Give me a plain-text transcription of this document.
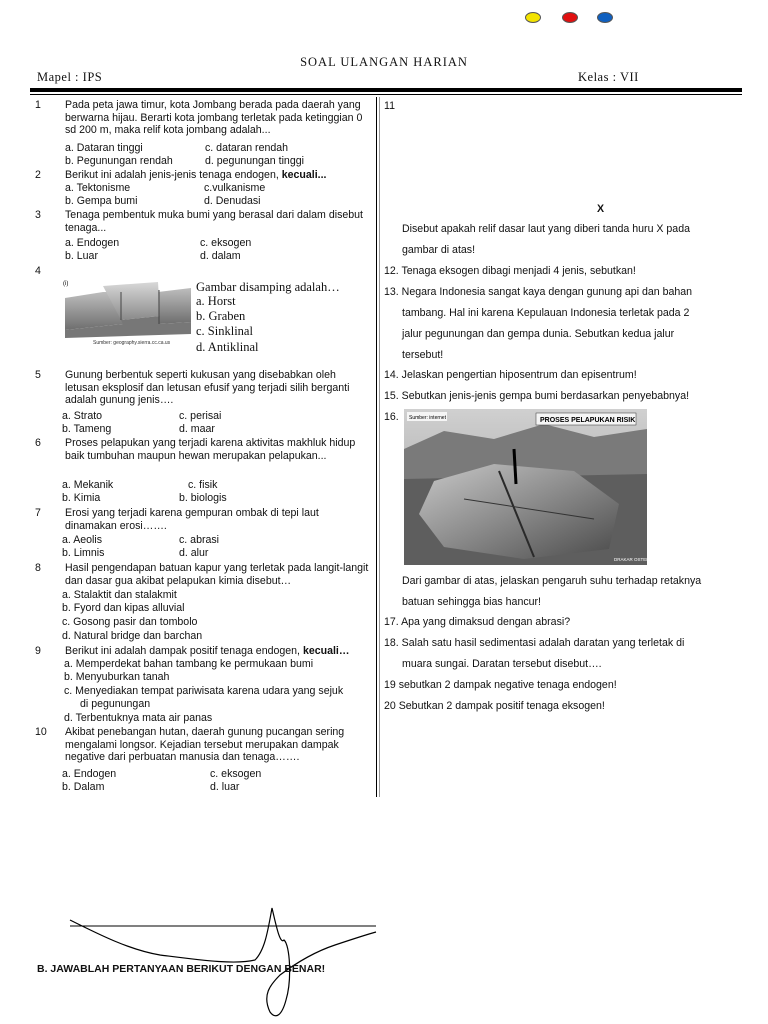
SOAL ULANGAN HARIAN
Mapel : IPS	Kelas : VII
1 Pada peta jawa timur, kota Jombang berada pada daerah yang berwarna hijau. Berarti kota jombang terletak pada ketinggian 0 sd 200 m, maka relif kota jombang adalah...
a. Dataran tinggi	c. dataran rendah
b. Pegunungan rendah	d. pegunungan tinggi
2 Berikut ini adalah jenis-jenis tenaga endogen, kecuali...
a. Tektonisme	c.vulkanisme
b. Gempa bumi	d. Denudasi
3 Tenaga pembentuk muka bumi yang berasal dari dalam disebut tenaga...
a. Endogen	c. eksogen
b. Luar	d. dalam
4
(i)
Sumber: geography.sierra.cc.ca.us
Gambar disamping adalah…
a. Horst
b. Graben
c. Sinklinal
d. Antiklinal
5 Gunung berbentuk seperti kukusan yang disebabkan oleh letusan eksplosif dan letusan efusif yang terjadi silih berganti adalah gunung jenis….
a. Strato	c. perisai
b. Tameng	d. maar
6 Proses pelapukan yang terjadi karena aktivitas makhluk hidup baik tumbuhan maupun hewan merupakan pelapukan...
a. Mekanik	c. fisik
b. Kimia	b. biologis
7 Erosi yang terjadi karena gempuran ombak di tepi laut dinamakan erosi…….
a. Aeolis	c. abrasi
b. Limnis	d. alur
8 Hasil pengendapan batuan kapur yang terletak pada langit-langit dan dasar gua akibat pelapukan kimia disebut…
a. Stalaktit dan stalakmit
b. Fyord dan kipas alluvial
c. Gosong pasir dan tombolo
d. Natural bridge dan barchan
9 Berikut ini adalah dampak positif tenaga endogen, kecuali…
a. Memperdekat bahan tambang ke permukaan bumi
b. Menyuburkan tanah
c. Menyediakan tempat pariwisata karena udara yang sejuk
di pegunungan
d. Terbentuknya mata air panas
10 Akibat penebangan hutan, daerah gunung pucangan sering mengalami longsor. Kejadian tersebut merupakan dampak negative dari perbuatan manusia dan tenaga…….
a. Endogen	c. eksogen
b. Dalam	d. luar
11
X
Disebut apakah relif dasar laut yang diberi tanda huru X pada
gambar di atas!
12. Tenaga eksogen dibagi menjadi 4 jenis, sebutkan!
13. Negara Indonesia sangat kaya dengan gunung api dan bahan
tambang. Hal ini karena Kepulauan Indonesia terletak pada 2
jalur pegunungan dan gempa dunia. Sebutkan kedua jalur
tersebut!
14. Jelaskan pengertian hiposentrum dan episentrum!
15. Sebutkan jenis-jenis gempa bumi berdasarkan penyebabnya!
16.	PROSES PELAPUKAN RISIK
Sumber: internet
DRAKAR OSTER
Dari gambar di atas, jelaskan pengaruh suhu terhadap retaknya
batuan sehingga bias hancur!
17. Apa yang dimaksud dengan abrasi?
18. Salah satu hasil sedimentasi adalah daratan yang terletak di
muara sungai. Daratan tersebut disebut….
19 sebutkan 2 dampak negative tenaga endogen!
20 Sebutkan 2 dampak positif tenaga eksogen!
B. JAWABLAH PERTANYAAN BERIKUT DENGAN BENAR!
